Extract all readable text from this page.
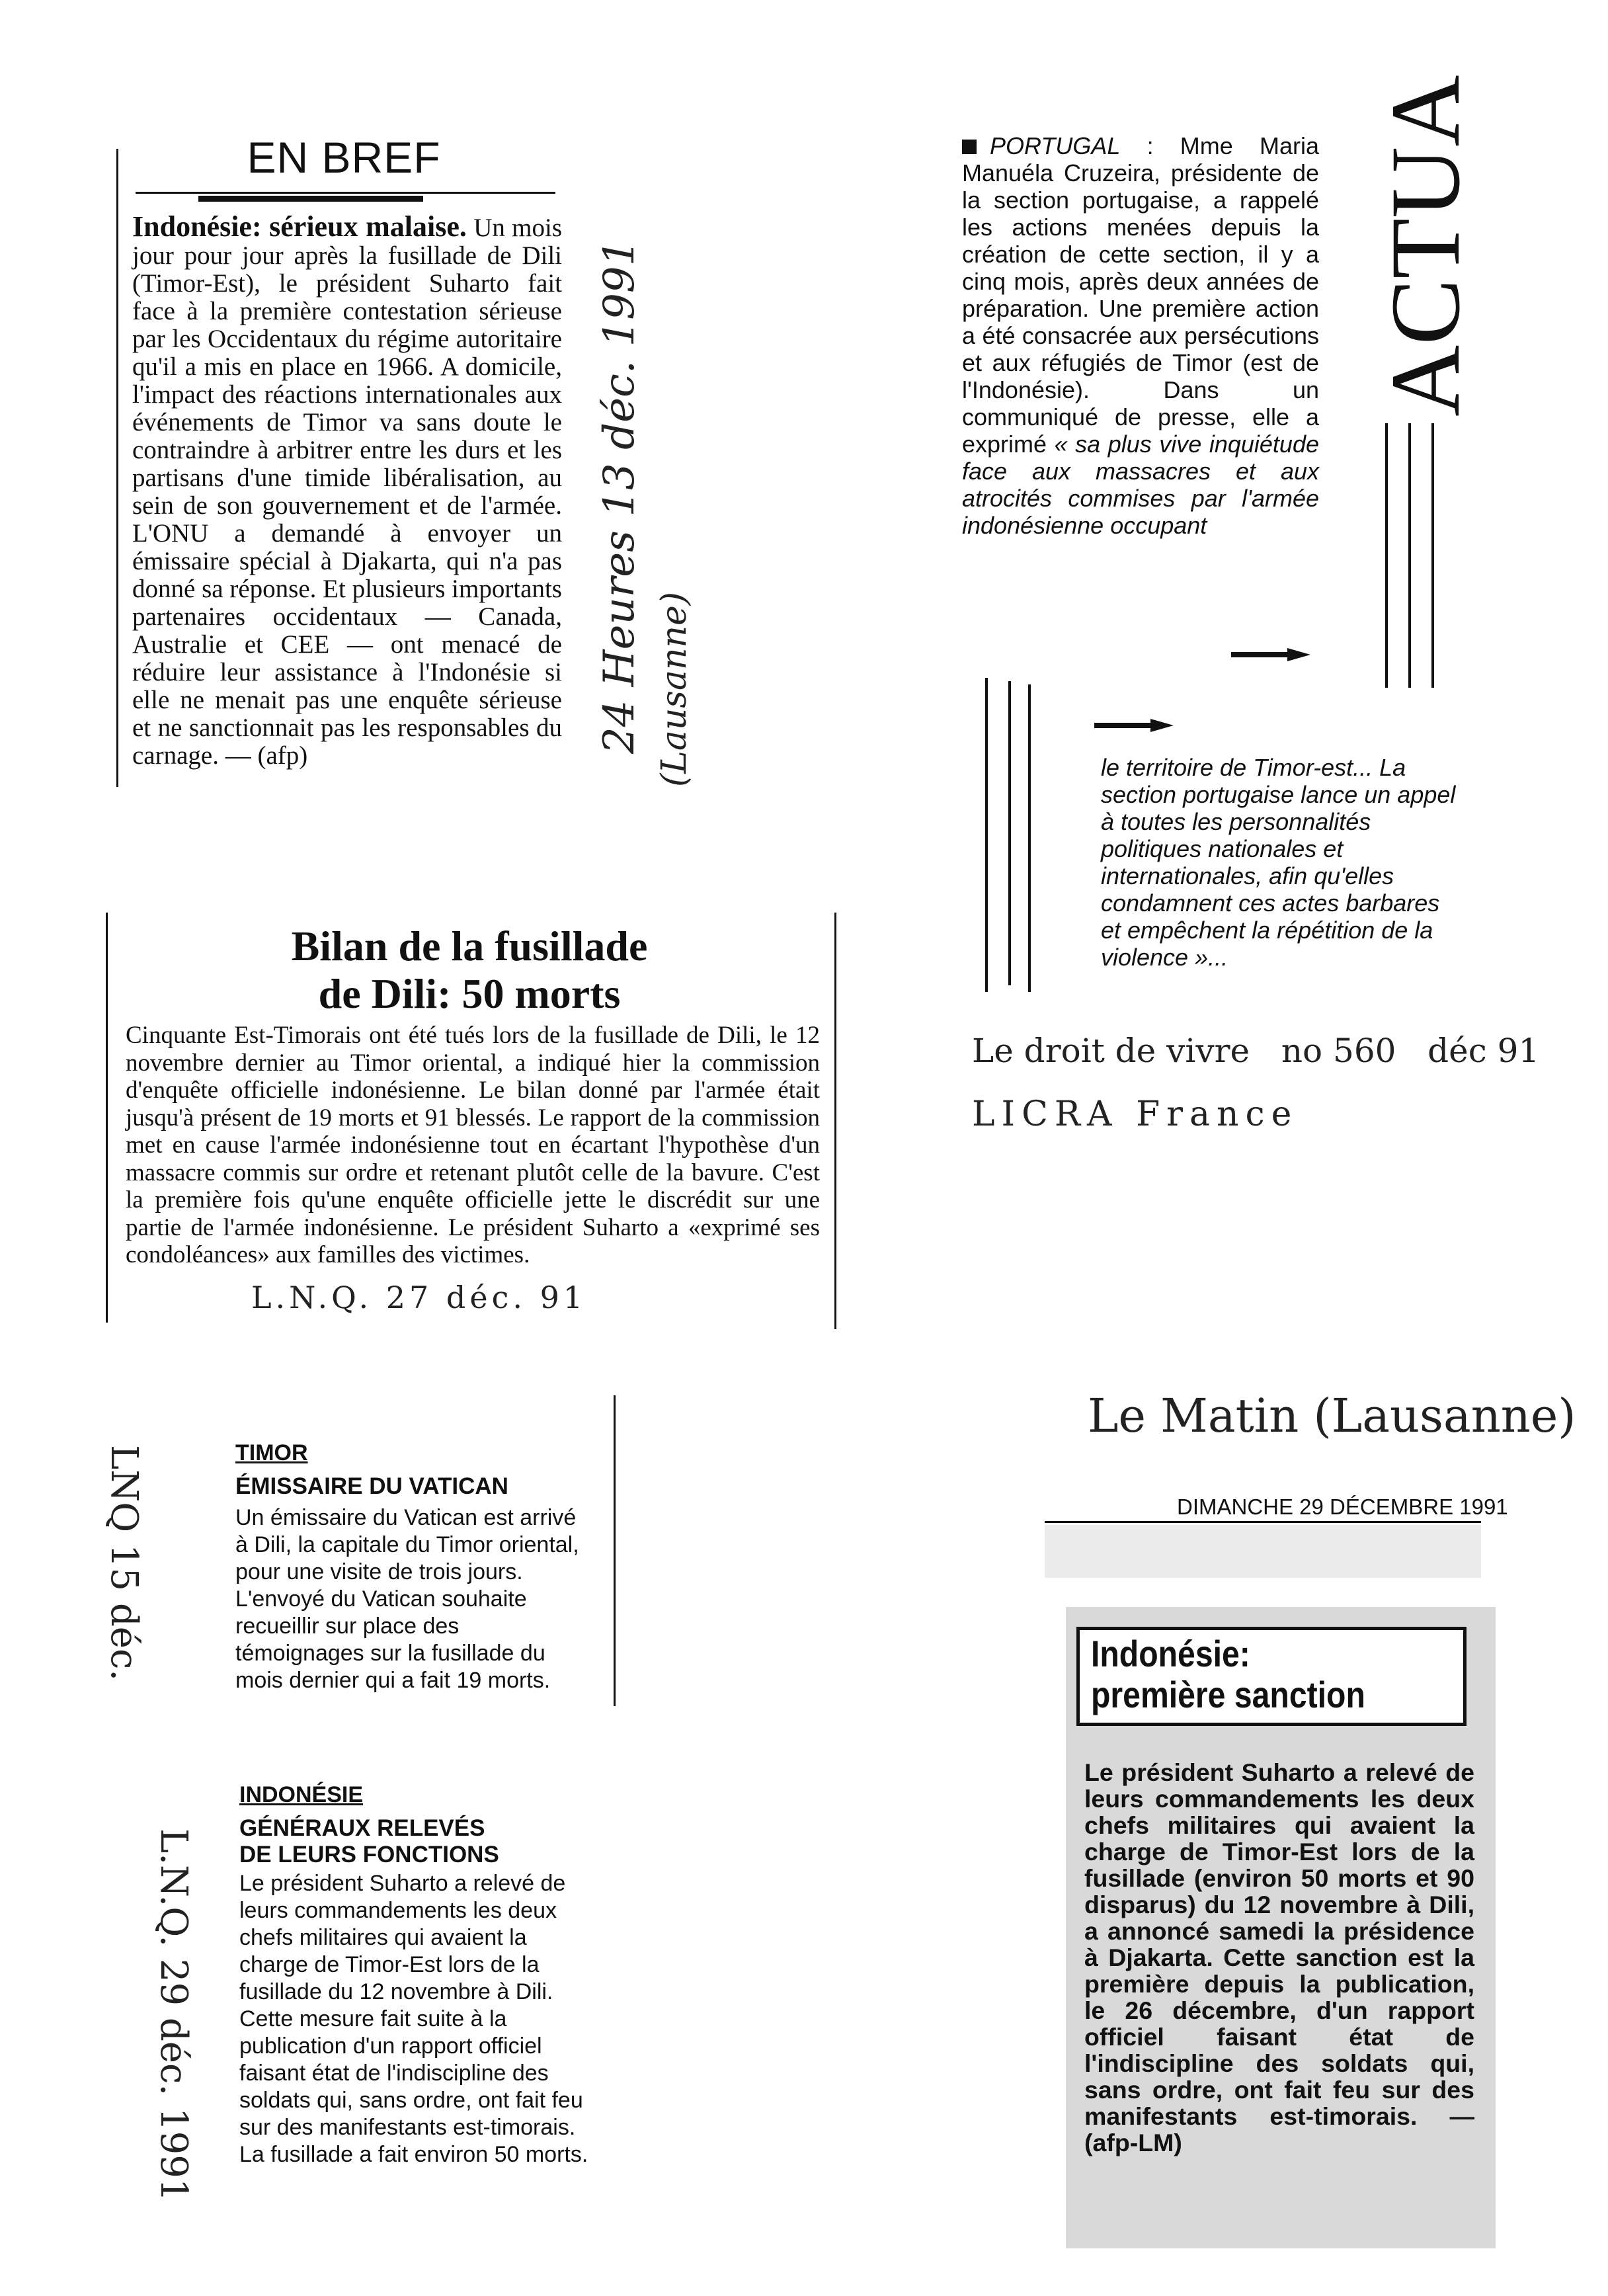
EN BREF
Indonésie: sérieux malaise. Un mois jour pour jour après la fusillade de Dili (Timor-Est), le président Suharto fait face à la première contestation sérieuse par les Occidentaux du régime autoritaire qu'il a mis en place en 1966. A domicile, l'impact des réactions internationales aux événements de Timor va sans doute le contraindre à arbitrer entre les durs et les partisans d'une timide libéralisation, au sein de son gouvernement et de l'armée. L'ONU a demandé à envoyer un émissaire spécial à Djakarta, qui n'a pas donné sa réponse. Et plusieurs importants partenaires occidentaux — Canada, Australie et CEE — ont menacé de réduire leur assistance à l'Indonésie si elle ne menait pas une enquête sérieuse et ne sanctionnait pas les responsables du carnage. — (afp)
24 Heures 13 déc. 1991 (Lausanne)
Bilan de la fusillade
de Dili: 50 morts
Cinquante Est-Timorais ont été tués lors de la fusillade de Dili, le 12 novembre dernier au Timor oriental, a indiqué hier la commission d'enquête officielle indonésienne. Le bilan donné par l'armée était jusqu'à présent de 19 morts et 91 blessés. Le rapport de la commission met en cause l'armée indonésienne tout en écartant l'hypothèse d'un massacre commis sur ordre et retenant plutôt celle de la bavure. C'est la première fois qu'une enquête officielle jette le discrédit sur une partie de l'armée indonésienne. Le président Suharto a «exprimé ses condoléances» aux familles des victimes.
L.N.Q. 27 déc. 91
PORTUGAL : Mme Maria Manuéla Cruzeira, présidente de la section portugaise, a rappelé les actions menées depuis la création de cette section, il y a cinq mois, après deux années de préparation. Une première action a été consacrée aux persécutions et aux réfugiés de Timor (est de l'Indonésie). Dans un communiqué de presse, elle a exprimé « sa plus vive inquiétude face aux massacres et aux atrocités commises par l'armée indonésienne occupant
le territoire de Timor-est... La section portugaise lance un appel à toutes les personnalités politiques nationales et internationales, afin qu'elles condamnent ces actes barbares et empêchent la répétition de la violence »...
ACTUA
Le droit de vivre   no 560   déc 91
LICRA France
LNQ 15 déc.	TIMOR
ÉMISSAIRE DU VATICAN
Un émissaire du Vatican est arrivé à Dili, la capitale du Timor oriental, pour une visite de trois jours. L'envoyé du Vatican souhaite recueillir sur place des témoignages sur la fusillade du mois dernier qui a fait 19 morts.
L.N.Q. 29 déc. 1991
INDONÉSIE
GÉNÉRAUX RELEVÉS
DE LEURS FONCTIONS
Le président Suharto a relevé de leurs commandements les deux chefs militaires qui avaient la charge de Timor-Est lors de la fusillade du 12 novembre à Dili. Cette mesure fait suite à la publication d'un rapport officiel faisant état de l'indiscipline des soldats qui, sans ordre, ont fait feu sur des manifestants est-timorais. La fusillade a fait environ 50 morts.
Le Matin (Lausanne)
DIMANCHE 29 DÉCEMBRE 1991
Indonésie:
première sanction
Le président Suharto a relevé de leurs commandements les deux chefs militaires qui avaient la charge de Timor-Est lors de la fusillade (environ 50 morts et 90 disparus) du 12 novembre à Dili, a annoncé samedi la présidence à Djakarta. Cette sanction est la première depuis la publication, le 26 décembre, d'un rapport officiel faisant état de l'indiscipline des soldats qui, sans ordre, ont fait feu sur des manifestants est-timorais. — (afp-LM)
